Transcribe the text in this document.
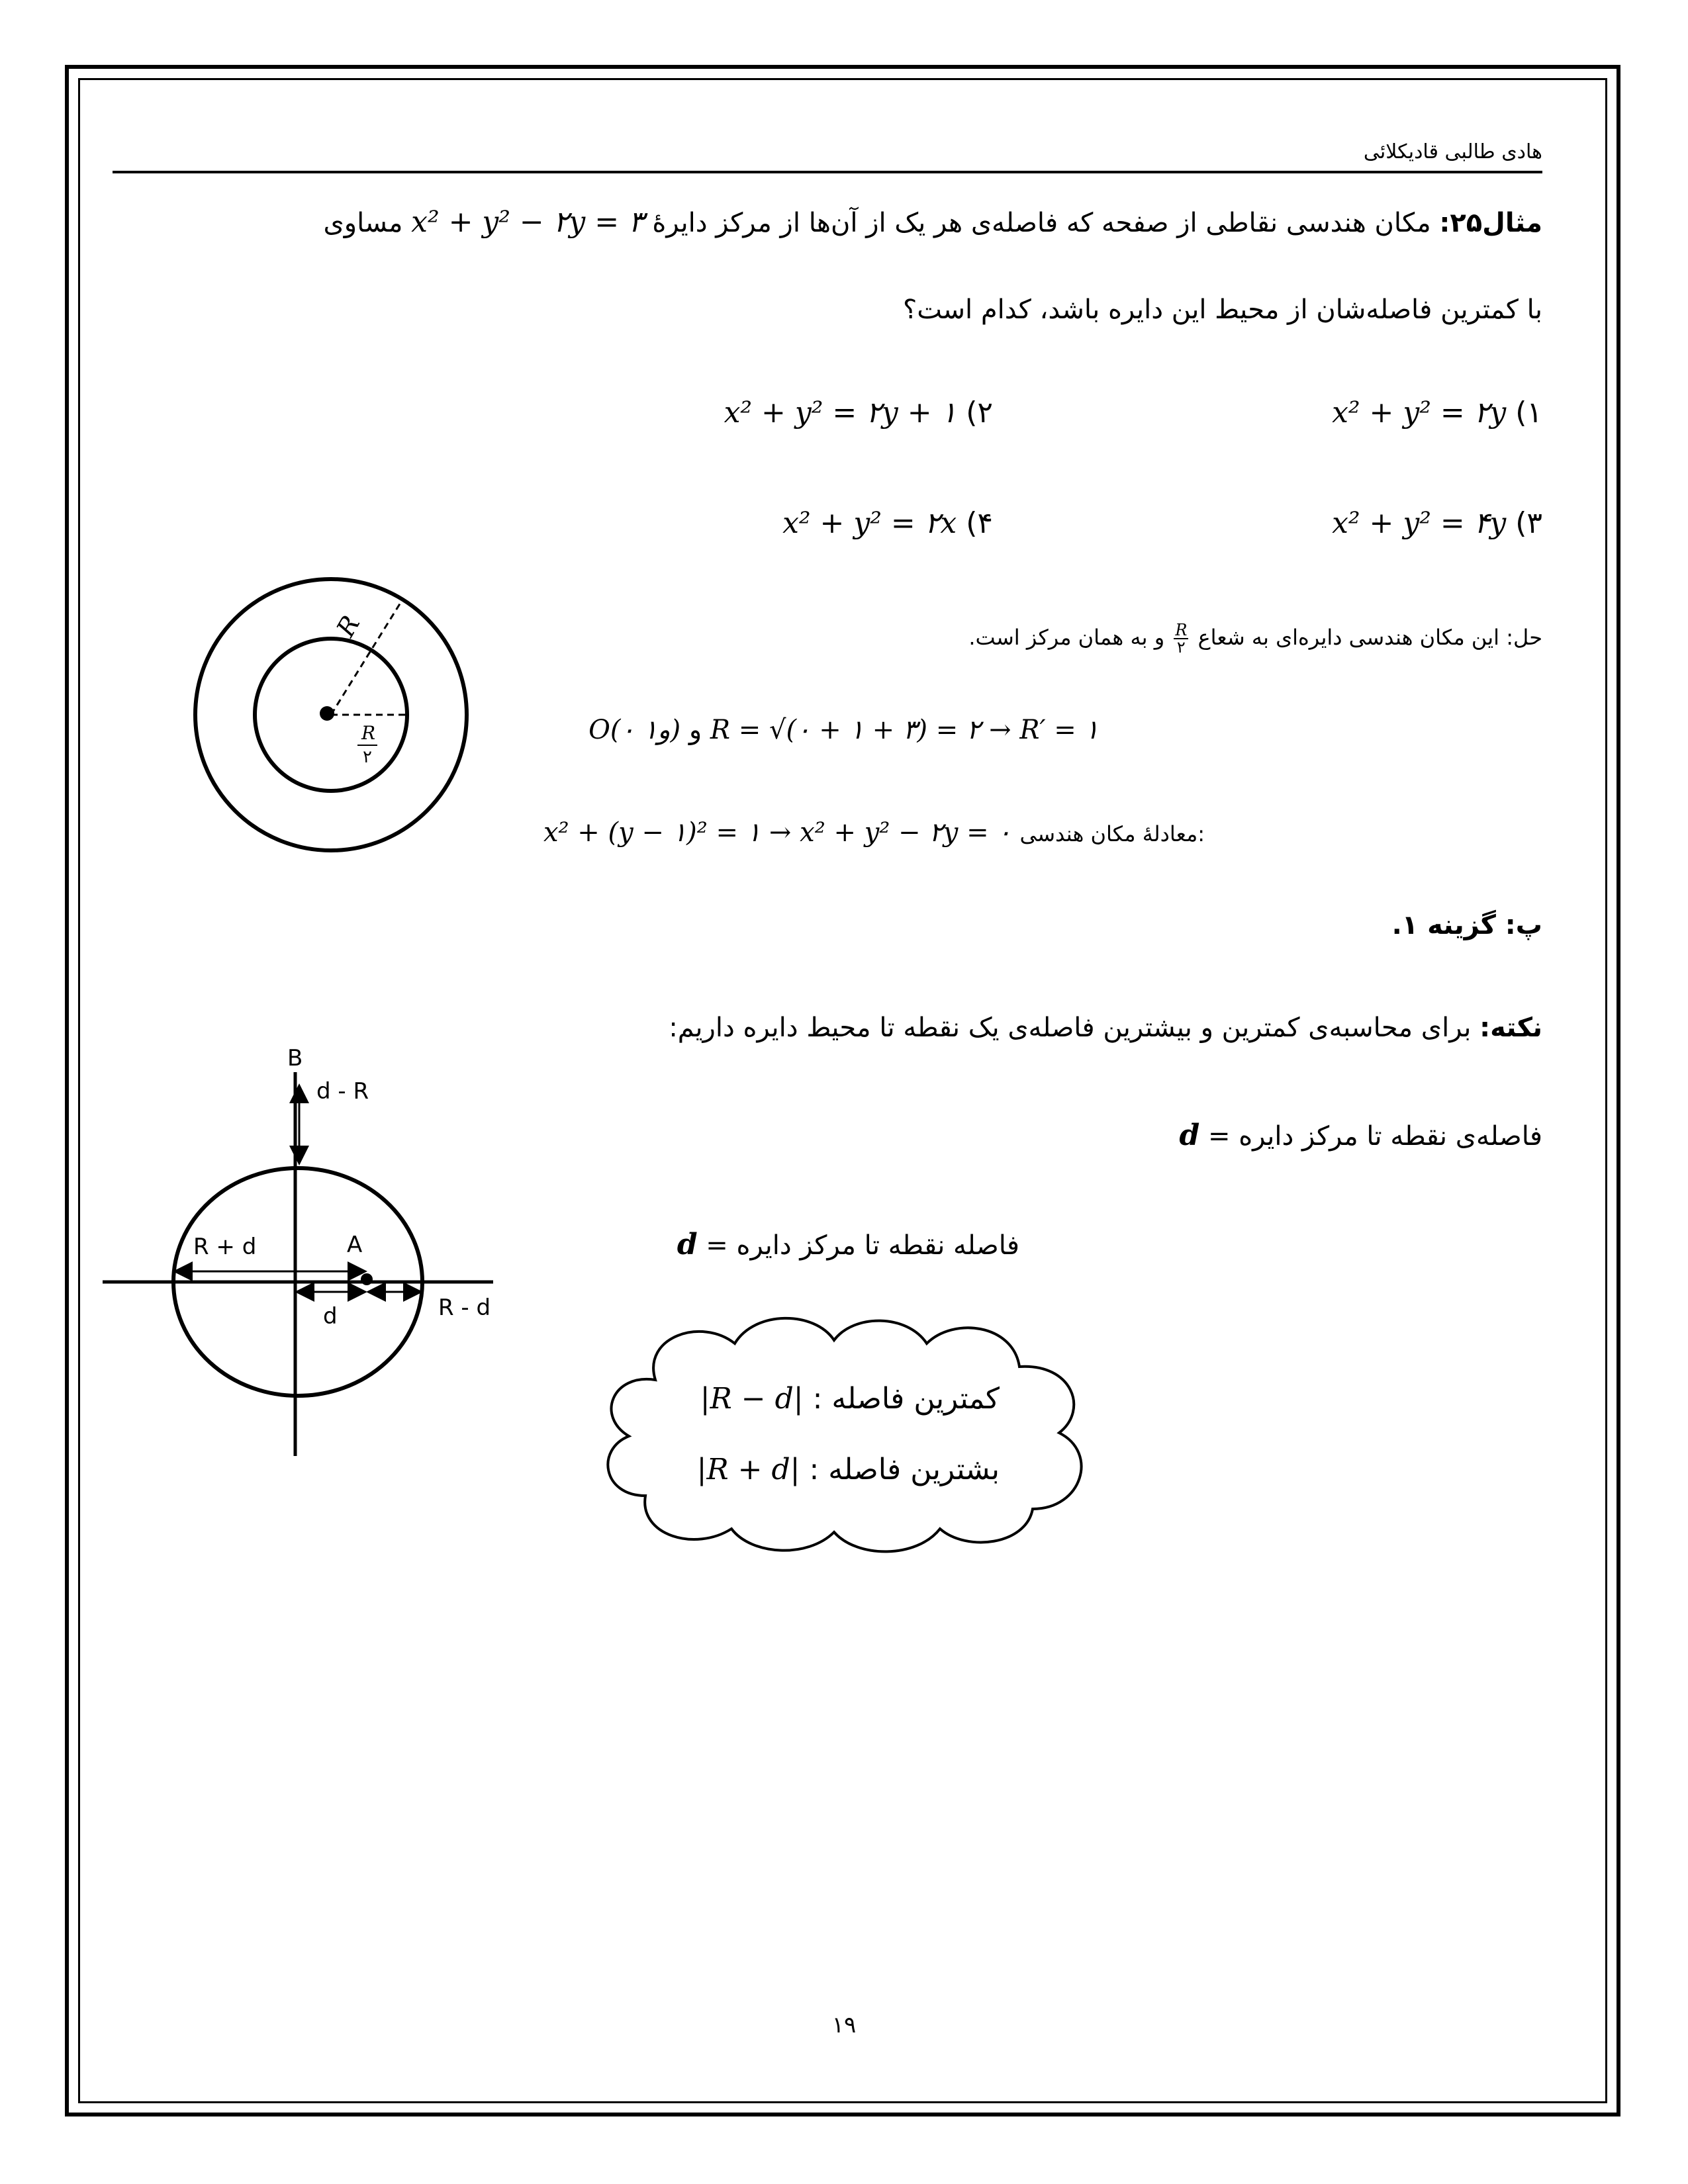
هادی طالبی قادیکلائی
مثال۲۵: مکان هندسی نقاطی از صفحه که فاصله‌ی هر یک از آن‌ها از مرکز دایرۀ x² + y² − ۲y = ۳ مساوی
با کمترین فاصله‌شان از محیط این دایره باشد، کدام است؟
۱) x² + y² = ۲y
۲) x² + y² = ۲y + ۱
۳) x² + y² = ۴y
۴) x² + y² = ۲x
حل: این مکان هندسی دایره‌ای به شعاع
$\frac{R}{۲}$
و به همان مرکز است.
R = √(۰ + ۱ + ۳) = ۲ → R′ = ۱ و O(۰ و۱)
:معادلۀ مکان هندسی x² + (y − ۱)² = ۱ → x² + y² − ۲y = ۰
پ: گزینه ۱.
R
R
۲
نکته: برای محاسبه‌ی کمترین و بیشترین فاصله‌ی یک نقطه تا محیط دایره داریم:
فاصله‌ی نقطه تا مرکز دایره = d
فاصله نقطه تا مرکز دایره = d
B
d - R
R + d	A
d	R - d
کمترین فاصله : |R − d|
بشترین فاصله : |R + d|
۱۹
